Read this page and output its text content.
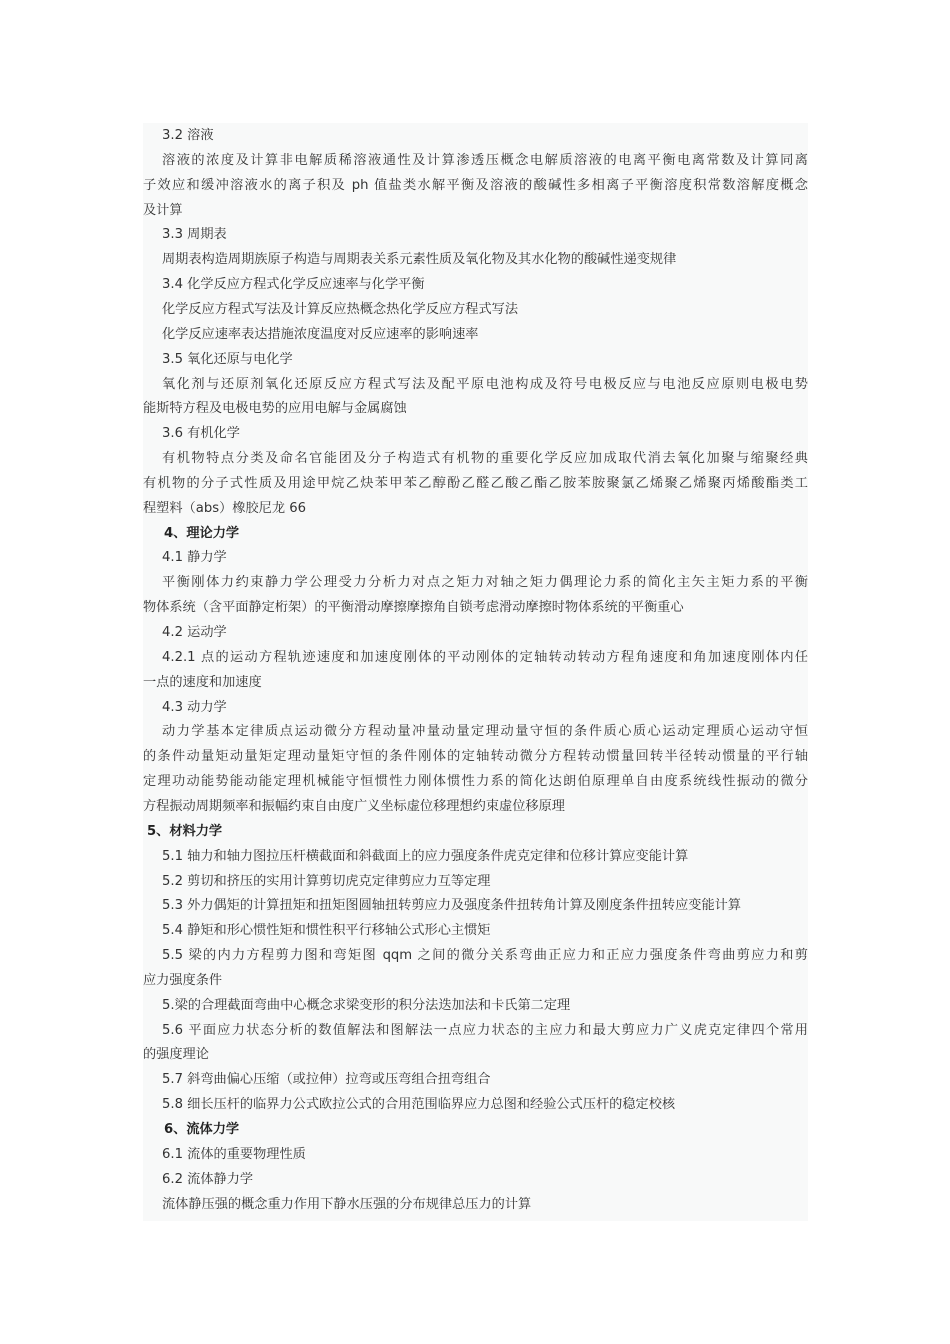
3.2 溶液
溶液的浓度及计算非电解质稀溶液通性及计算渗透压概念电解质溶液的电离平衡电离常数及计算同离
子效应和缓冲溶液水的离子积及 ph 值盐类水解平衡及溶液的酸碱性多相离子平衡溶度积常数溶解度概念
及计算
3.3 周期表
周期表构造周期族原子构造与周期表关系元素性质及氧化物及其水化物的酸碱性递变规律
3.4 化学反应方程式化学反应速率与化学平衡
化学反应方程式写法及计算反应热概念热化学反应方程式写法
化学反应速率表达措施浓度温度对反应速率的影响速率
3.5 氧化还原与电化学
氧化剂与还原剂氧化还原反应方程式写法及配平原电池构成及符号电极反应与电池反应原则电极电势
能斯特方程及电极电势的应用电解与金属腐蚀
3.6 有机化学
有机物特点分类及命名官能团及分子构造式有机物的重要化学反应加成取代消去氧化加聚与缩聚经典
有机物的分子式性质及用途甲烷乙炔苯甲苯乙醇酚乙醛乙酸乙酯乙胺苯胺聚氯乙烯聚乙烯聚丙烯酸酯类工
程塑料（abs）橡胶尼龙 66
4、理论力学
4.1 静力学
平衡刚体力约束静力学公理受力分析力对点之矩力对轴之矩力偶理论力系的简化主矢主矩力系的平衡
物体系统（含平面静定桁架）的平衡滑动摩擦摩擦角自锁考虑滑动摩擦时物体系统的平衡重心
4.2 运动学
4.2.1 点的运动方程轨迹速度和加速度刚体的平动刚体的定轴转动转动方程角速度和角加速度刚体内任
一点的速度和加速度
4.3 动力学
动力学基本定律质点运动微分方程动量冲量动量定理动量守恒的条件质心质心运动定理质心运动守恒
的条件动量矩动量矩定理动量矩守恒的条件刚体的定轴转动微分方程转动惯量回转半径转动惯量的平行轴
定理功动能势能动能定理机械能守恒惯性力刚体惯性力系的简化达朗伯原理单自由度系统线性振动的微分
方程振动周期频率和振幅约束自由度广义坐标虚位移理想约束虚位移原理
5、材料力学
5.1 轴力和轴力图拉压杆横截面和斜截面上的应力强度条件虎克定律和位移计算应变能计算
5.2 剪切和挤压的实用计算剪切虎克定律剪应力互等定理
5.3 外力偶矩的计算扭矩和扭矩图圆轴扭转剪应力及强度条件扭转角计算及刚度条件扭转应变能计算
5.4 静矩和形心惯性矩和惯性积平行移轴公式形心主惯矩
5.5 梁的内力方程剪力图和弯矩图 qqm 之间的微分关系弯曲正应力和正应力强度条件弯曲剪应力和剪
应力强度条件
5.梁的合理截面弯曲中心概念求梁变形的积分法迭加法和卡氏第二定理
5.6 平面应力状态分析的数值解法和图解法一点应力状态的主应力和最大剪应力广义虎克定律四个常用
的强度理论
5.7 斜弯曲偏心压缩（或拉伸）拉弯或压弯组合扭弯组合
5.8 细长压杆的临界力公式欧拉公式的合用范围临界应力总图和经验公式压杆的稳定校核
6、流体力学
6.1 流体的重要物理性质
6.2 流体静力学
流体静压强的概念重力作用下静水压强的分布规律总压力的计算
